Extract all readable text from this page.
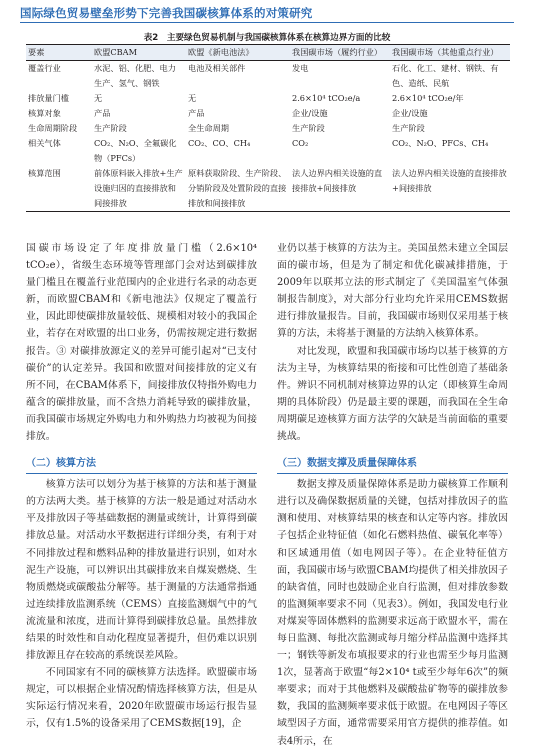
国际绿色贸易壁垒形势下完善我国碳核算体系的对策研究
表2　主要绿色贸易机制与我国碳核算体系在核算边界方面的比较
要素	欧盟CBAM	欧盟《新电池法》	我国碳市场（履约行业）	我国碳市场（其他重点行业）
覆盖行业	水泥、铝、化肥、电力生产、氢气、钢铁	电池及相关部件	发电	石化、化工、建材、钢铁、有色、造纸、民航
排放量门槛	无	无	2.6×10⁴ tCO₂e/a	2.6×10⁴ tCO₂e/年
核算对象	产品	产品	企业/设施	企业/设施
生命周期阶段	生产阶段	全生命周期	生产阶段	生产阶段
相关气体	CO₂、N₂O、全氟碳化物（PFCs）	CO₂、CO、CH₄	CO₂	CO₂、N₂O、PFCs、CH₄
核算范围	前体原料嵌入排放+生产设施归因的直接排放和间接排放	原料获取阶段、生产阶段、分销阶段及处置阶段的直接排放和间接排放	法人边界内相关设施的直接排放+间接排放	法人边界内相关设施的直接排放+间接排放

国碳市场设定了年度排放量门槛（2.6×10⁴ tCO₂e），省级生态环境等管理部门会对达到碳排放量门槛且在覆盖行业范围内的企业进行名录的动态更新，而欧盟CBAM和《新电池法》仅规定了覆盖行业，因此即使碳排放量较低、规模相对较小的我国企业，若存在对欧盟的出口业务，仍需按规定进行数据报告。③ 对碳排放源定义的差异可能引起对“已支付碳价”的认定差异。我国和欧盟对间接排放的定义有所不同，在CBAM体系下，间接排放仅特指外购电力蕴含的碳排放量，而不含热力消耗导致的碳排放量，而我国碳市场规定外购电力和外购热力均被视为间接排放。

（二）核算方法

核算方法可以划分为基于核算的方法和基于测量的方法两大类。基于核算的方法一般是通过对活动水平及排放因子等基础数据的测量或统计，计算得到碳排放总量。对活动水平数据进行详细分类，有利于对不同排放过程和燃料品种的排放量进行识别，如对水泥生产设施，可以辨识出其碳排放来自煤炭燃烧、生物质燃烧或碳酸盐分解等。基于测量的方法通常指通过连续排放监测系统（CEMS）直接监测烟气中的气流流量和浓度，进而计算得到碳排放总量。虽然排放结果的时效性和自动化程度显著提升，但仍难以识别排放源且存在较高的系统误差风险。

不同国家有不同的碳核算方法选择。欧盟碳市场规定，可以根据企业情况酌情选择核算方法，但是从实际运行情况来看，2020年欧盟碳市场运行报告显示，仅有1.5%的设备采用了CEMS数据[19]，企

业仍以基于核算的方法为主。美国虽然未建立全国层面的碳市场，但是为了制定和优化碳减排措施，于2009年以联邦立法的形式制定了《美国温室气体强制报告制度》，对大部分行业均允许采用CEMS数据进行排放量报告。目前，我国碳市场则仅采用基于核算的方法，未将基于测量的方法纳入核算体系。

对比发现，欧盟和我国碳市场均以基于核算的方法为主导，为核算结果的衔接和可比性创造了基础条件。辨识不同机制对核算边界的认定（即核算生命周期的具体阶段）仍是最主要的课题，而我国在全生命周期碳足迹核算方面方法学的欠缺是当前面临的重要挑战。

（三）数据支撑及质量保障体系

数据支撑及质量保障体系是助力碳核算工作顺利进行以及确保数据质量的关键，包括对排放因子的监测和使用、对核算结果的核查和认定等内容。排放因子包括企业特征值（如化石燃料热值、碳氧化率等）和区域通用值（如电网因子等）。在企业特征值方面，我国碳市场与欧盟CBAM均提供了相关排放因子的缺省值，同时也鼓励企业自行监测，但对排放参数的监测频率要求不同（见表3）。例如，我国发电行业对煤炭等固体燃料的监测要求远高于欧盟水平，需在每日监测、每批次监测或每月缩分样品监测中选择其一；钢铁等新发布填报要求的行业也需至少每月监测1次，显著高于欧盟“每2×10⁴ t或至少每年6次”的频率要求；而对于其他燃料及碳酸盐矿物等的碳排放参数，我国的监测频率要求低于欧盟。在电网因子等区域型因子方面，通常需要采用官方提供的推荐值。如表4所示，在
